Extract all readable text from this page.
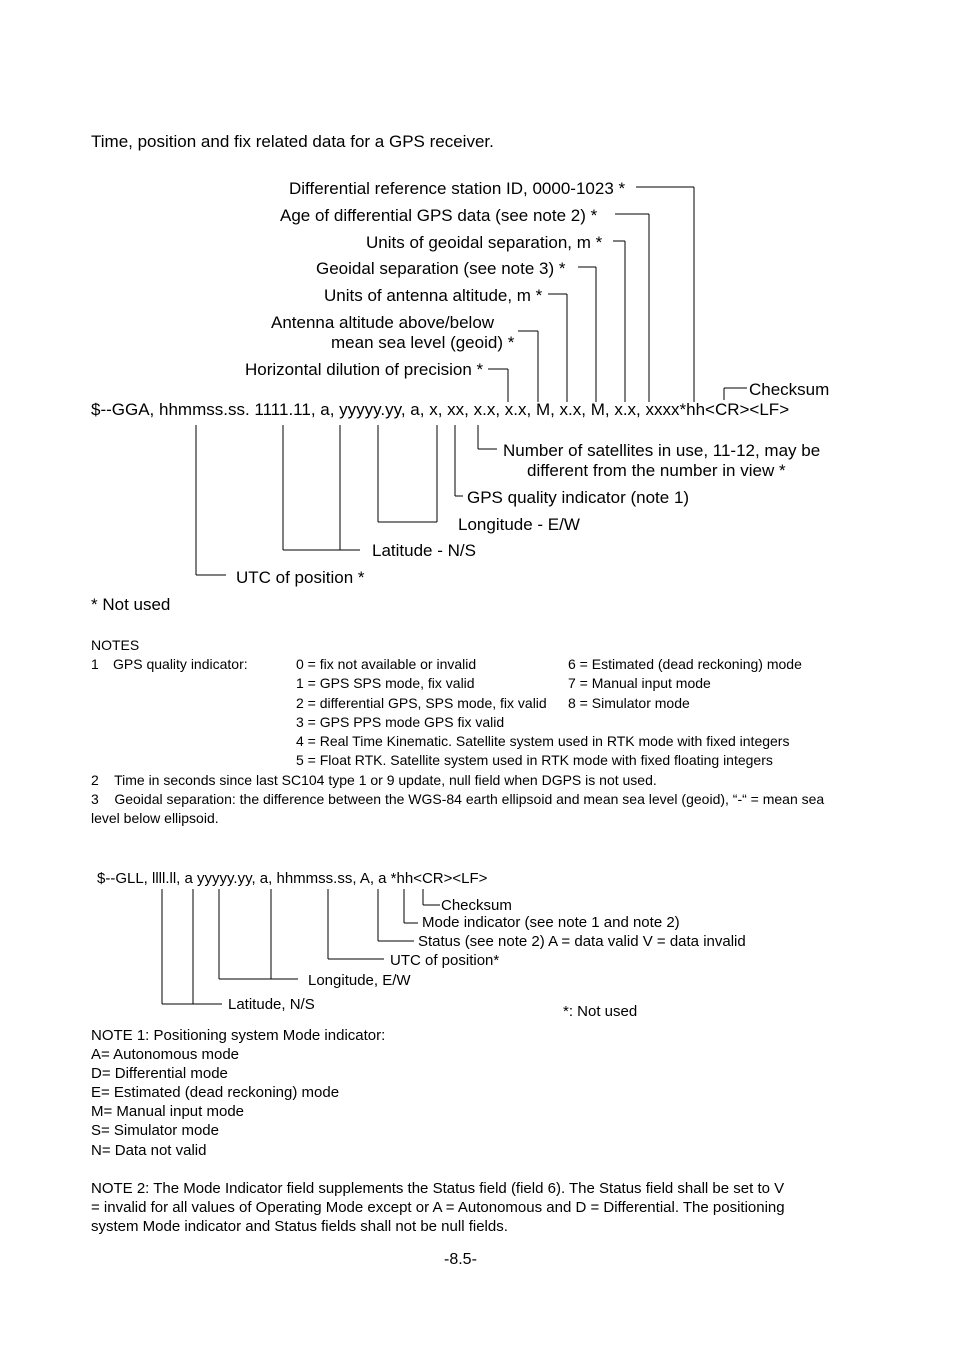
Time, position and fix related data for a GPS receiver.
Differential reference station ID, 0000-1023 *
Age of differential GPS data (see note 2) *
Units of geoidal separation, m *
Geoidal separation (see note 3) *
Units of antenna altitude, m *
Antenna altitude above/below
mean sea level (geoid) *
Horizontal dilution of precision *
Checksum
$--GGA, hhmmss.ss. 1111.11, a, yyyyy.yy, a, x, xx, x.x, x.x, M, x.x, M, x.x, xxxx*hh<CR><LF>
Number of satellites in use, 11-12, may be
different from the number in view *
GPS quality indicator (note 1)
Longitude - E/W
Latitude - N/S
UTC of position *
* Not used
NOTES
1 GPS quality indicator:	0 = fix not available or invalid
1 = GPS SPS mode, fix valid
2 = differential GPS, SPS mode, fix valid
3 = GPS PPS mode GPS fix valid
4 = Real Time Kinematic. Satellite system used in RTK mode with fixed integers
5 = Float RTK. Satellite system used in RTK mode with fixed floating integers
6 = Estimated (dead reckoning) mode
7 = Manual input mode
8 = Simulator mode
2    Time in seconds since last SC104 type 1 or 9 update, null field when DGPS is not used.
3    Geoidal separation: the difference between the WGS-84 earth ellipsoid and mean sea level (geoid), “-“ = mean sea
level below ellipsoid.
$--GLL, llll.ll, a yyyyy.yy, a, hhmmss.ss, A, a *hh<CR><LF>
Checksum
Mode indicator (see note 1 and note 2)
Status (see note 2) A = data valid V = data invalid
UTC of position*
Longitude, E/W
Latitude, N/S	*: Not used
NOTE 1: Positioning system Mode indicator:
A= Autonomous mode
D= Differential mode
E= Estimated (dead reckoning) mode
M= Manual input mode
S= Simulator mode
N= Data not valid
NOTE 2: The Mode Indicator field supplements the Status field (field 6). The Status field shall be set to V
= invalid for all values of Operating Mode except or A = Autonomous and D = Differential. The positioning
system Mode indicator and Status fields shall not be null fields.
-8.5-
